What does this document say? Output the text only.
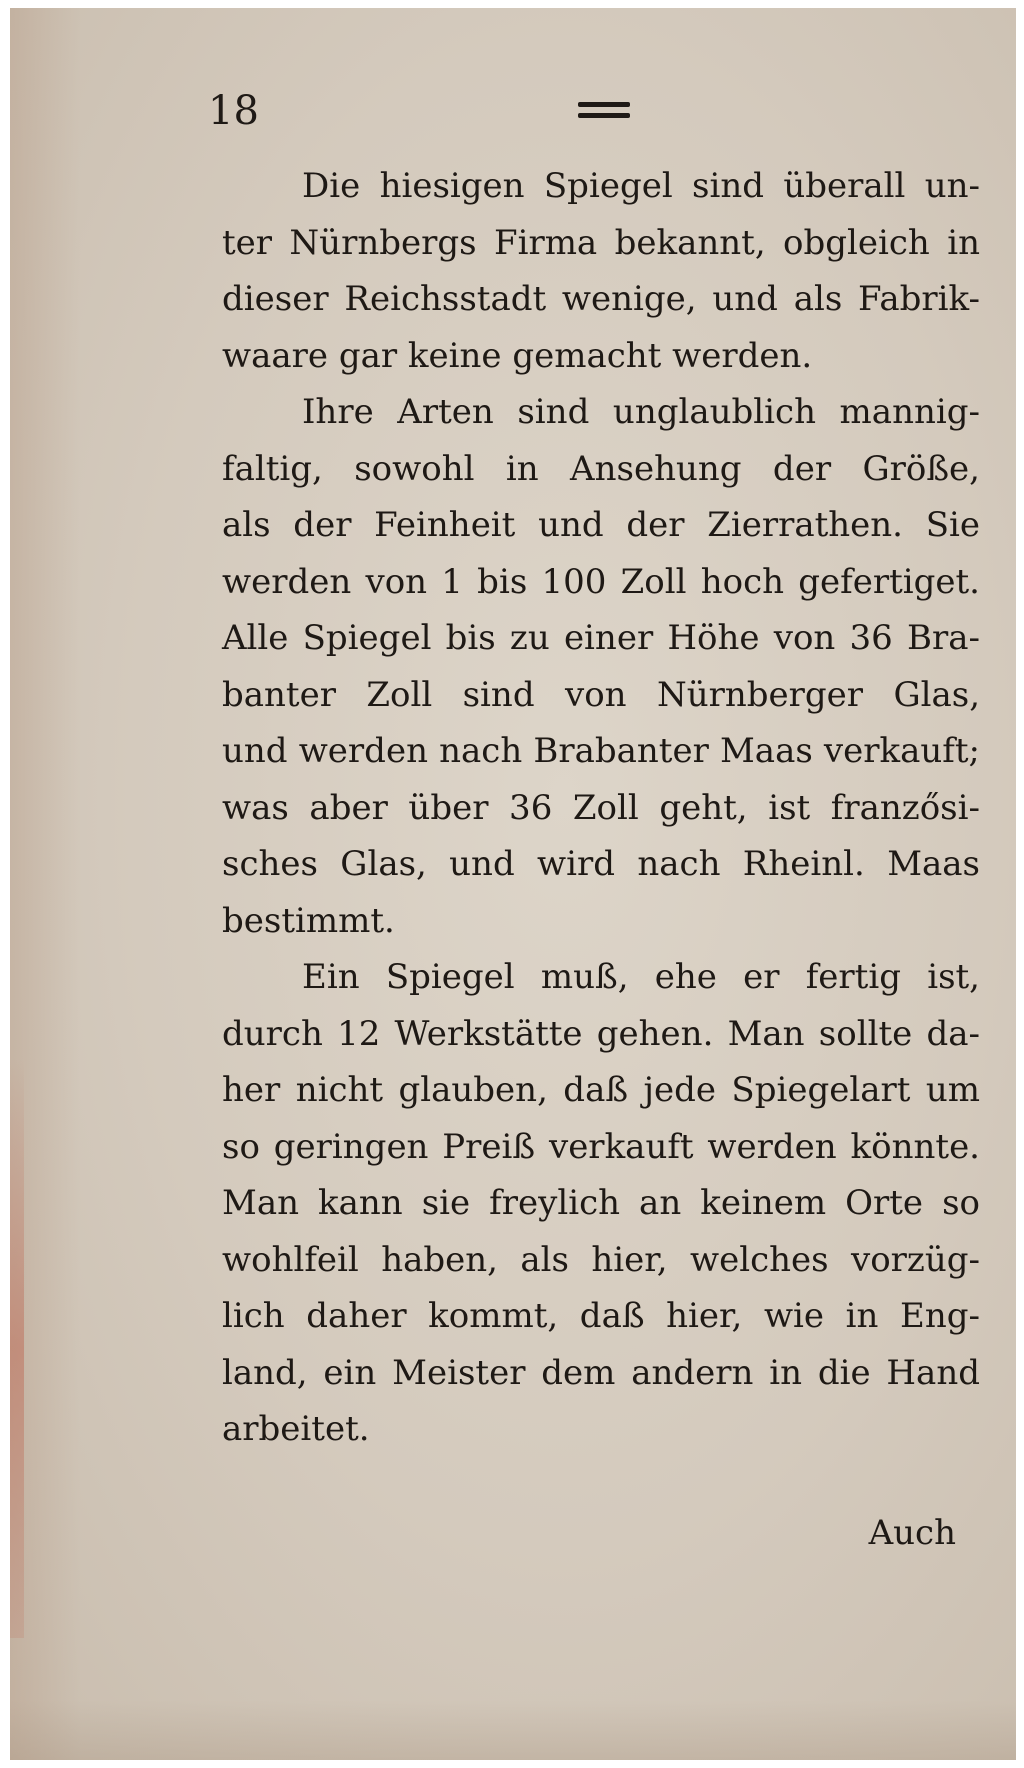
18
Die hiesigen Spiegel sind überall un-
ter Nürnbergs Firma bekannt, obgleich in
dieser Reichsstadt wenige, und als Fabrik-
waare gar keine gemacht werden.
Ihre Arten sind unglaublich mannig-
faltig, sowohl in Ansehung der Größe,
als der Feinheit und der Zierrathen. Sie
werden von 1 bis 100 Zoll hoch gefertiget.
Alle Spiegel bis zu einer Höhe von 36 Bra-
banter Zoll sind von Nürnberger Glas,
und werden nach Brabanter Maas verkauft;
was aber über 36 Zoll geht, ist franzősi-
sches Glas, und wird nach Rheinl. Maas
bestimmt.
Ein Spiegel muß, ehe er fertig ist,
durch 12 Werkstätte gehen. Man sollte da-
her nicht glauben, daß jede Spiegelart um
so geringen Preiß verkauft werden könnte.
Man kann sie freylich an keinem Orte so
wohlfeil haben, als hier, welches vorzüg-
lich daher kommt, daß hier, wie in Eng-
land, ein Meister dem andern in die Hand
arbeitet.
Auch
